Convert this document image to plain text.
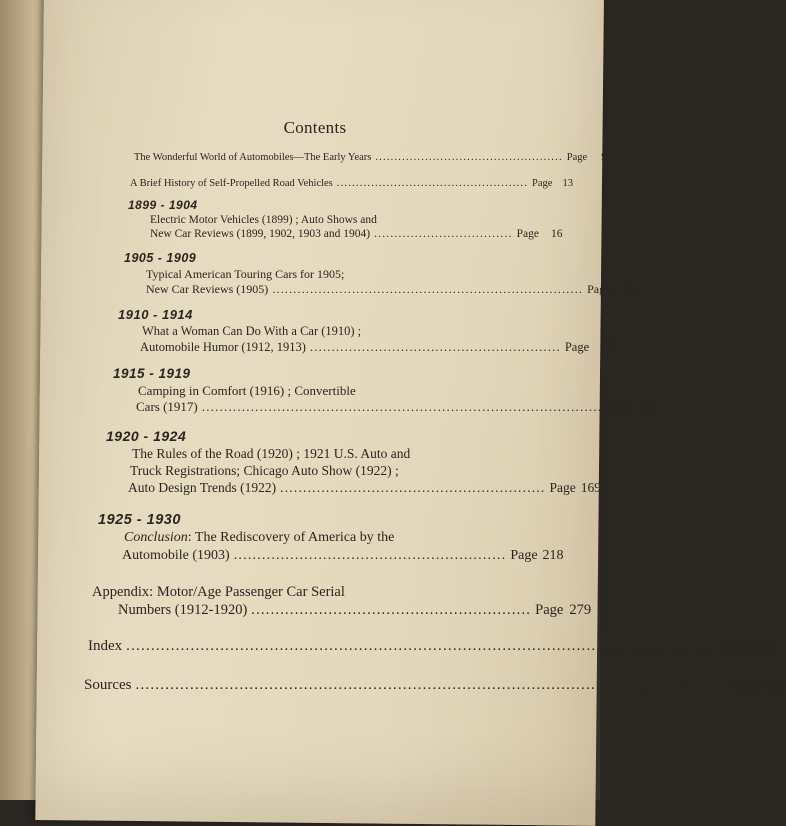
Contents
The Wonderful World of Automobiles—The Early Years ................................................. Page 9
A Brief History of Self-Propelled Road Vehicles .................................................. Page 13
1899 - 1904
Electric Motor Vehicles (1899) ; Auto Shows and
New Car Reviews (1899, 1902, 1903 and 1904) .................................. Page 16
1905 - 1909
Typical American Touring Cars for 1905;
New Car Reviews (1905) .......................................................................... Page 59
1910 - 1914
What a Woman Can Do With a Car (1910) ;
Automobile Humor (1912, 1913) .......................................................... Page 96
1915 - 1919
Camping in Comfort (1916) ; Convertible
Cars (1917) .......................................................................................... Page 150
1920 - 1924
The Rules of the Road (1920) ; 1921 U.S. Auto and
Truck Registrations; Chicago Auto Show (1922) ;
Auto Design Trends (1922) .......................................................... Page 169
1925 - 1930
Conclusion: The Rediscovery of America by the
Automobile (1903) .......................................................... Page 218
Appendix: Motor/Age Passenger Car Serial
Numbers (1912-1920) .......................................................... Page 279
Index ....................................................................................................................... Page 287
Sources ....................................................................................................................... Page 288
